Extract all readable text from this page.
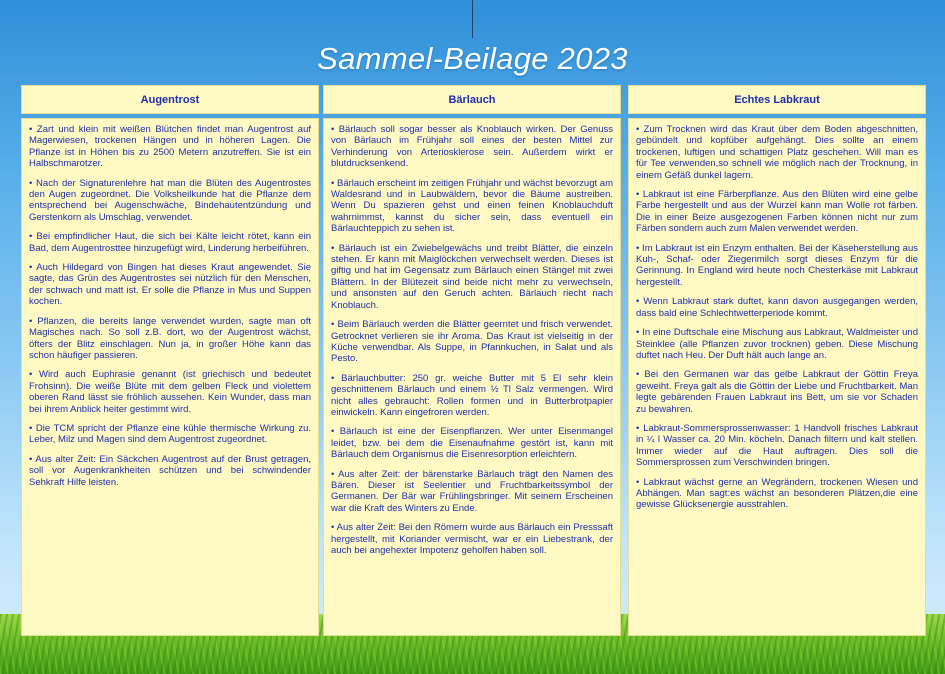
Sammel-Beilage 2023
Augentrost

• Zart und klein mit weißen Blütchen findet man Augentrost auf Magerwiesen, trockenen Hängen und in höheren Lagen. Die Pflanze ist in Höhen bis zu 2500 Metern anzutreffen. Sie ist ein Halbschmarotzer.

• Nach der Signaturenlehre hat man die Blüten des Augentrostes den Augen zugeordnet. Die Volksheilkunde hat die Pflanze dem entsprechend bei Augenschwäche, Bindehautentzündung und Gerstenkorn als Umschlag, verwendet.

• Bei empfindlicher Haut, die sich bei Kälte leicht rötet, kann ein Bad, dem Augentrosttee hinzugefügt wird, Linderung herbeiführen.

• Auch Hildegard von Bingen hat dieses Kraut angewendet. Sie sagte, das Grün des Augentrostes sei nützlich für den Menschen, der schwach und matt ist. Er solle die Pflanze in Mus und Suppen kochen.

• Pflanzen, die bereits lange verwendet wurden, sagte man oft Magisches nach. So soll z.B. dort, wo der Augentrost wächst, öfters der Blitz einschlagen. Nun ja, in großer Höhe kann das schon häufiger passieren.

• Wird auch Euphrasie genannt (ist griechisch und bedeutet Frohsinn). Die weiße Blüte mit dem gelben Fleck und violettem oberen Rand lässt sie fröhlich aussehen. Kein Wunder, dass man bei ihrem Anblick heiter gestimmt wird.

• Die TCM spricht der Pflanze eine kühle thermische Wirkung zu. Leber, Milz und Magen sind dem Augentrost zugeordnet.

• Aus alter Zeit: Ein Säckchen Augentrost auf der Brust getragen, soll vor Augenkrankheiten schützen und bei schwindender Sehkraft Hilfe leisten.

Bärlauch

• Bärlauch soll sogar besser als Knoblauch wirken. Der Genuss von Bärlauch im Frühjahr soll eines der besten Mittel zur Verhinderung von Arteriosklerose sein. Außerdem wirkt er blutdrucksenkend.

• Bärlauch erscheint im zeitigen Frühjahr und wächst bevorzugt am Waldesrand und in Laubwäldern, bevor die Bäume austreiben. Wenn Du spazieren gehst und einen feinen Knoblauchduft wahrnimmst, kannst du sicher sein, dass eventuell ein Bärlauchteppich zu sehen ist.

• Bärlauch ist ein Zwiebelgewächs und treibt Blätter, die einzeln stehen. Er kann mit Maiglöckchen verwechselt werden. Dieses ist giftig und hat im Gegensatz zum Bärlauch einen Stängel mit zwei Blättern. In der Blütezeit sind beide nicht mehr zu verwechseln, und ansonsten auf den Geruch achten. Bärlauch riecht nach Knoblauch.

• Beim Bärlauch werden die Blätter geerntet und frisch verwendet. Getrocknet verlieren sie ihr Aroma. Das Kraut ist vielseitig in der Küche verwendbar. Als Suppe, in Pfannkuchen, in Salat und als Pesto.

• Bärlauchbutter: 250 gr. weiche Butter mit 5 El sehr klein geschnittenem Bärlauch und einem ½ Tl Salz vermengen. Wird nicht alles gebraucht: Rollen formen und in Butterbrotpapier einwickeln. Kann eingefroren werden.

• Bärlauch ist eine der Eisenpflanzen. Wer unter Eisenmangel leidet, bzw. bei dem die Eisenaufnahme gestört ist, kann mit Bärlauch dem Organismus die Eisenresorption erleichtern.

• Aus alter Zeit: der bärenstarke Bärlauch trägt den Namen des Bären. Dieser ist Seelentier und Fruchtbarkeitssymbol der Germanen. Der Bär war Frühlingsbringer. Mit seinem Erscheinen war die Kraft des Winters zu Ende.

• Aus alter Zeit: Bei den Römern wurde aus Bärlauch ein Presssaft hergestellt, mit Koriander vermischt, war er ein Liebestrank, der auch bei angehexter Impotenz geholfen haben soll.

Echtes Labkraut

• Zum Trocknen wird das Kraut über dem Boden abgeschnitten, gebündelt und kopfüber aufgehängt. Dies sollte an einem trockenen, luftigen und schattigen Platz geschehen. Will man es für Tee verwenden,so schnell wie möglich nach der Trocknung, in einem Gefäß dunkel lagern.

• Labkraut ist eine Färberpflanze. Aus den Blüten wird eine gelbe Farbe hergestellt und aus der Wurzel kann man Wolle rot färben. Die in einer Beize ausgezogenen Farben können nicht nur zum Färben sondern auch zum Malen verwendet werden.

• Im Labkraut ist ein Enzym enthalten. Bei der Käseherstellung aus Kuh-, Schaf- oder Ziegenmilch sorgt dieses Enzym für die Gerinnung. In England wird heute noch Chesterkäse mit Labkraut hergestellt.

• Wenn Labkraut stark duftet, kann davon ausgegangen werden, dass bald eine Schlechtwetterperiode kommt.

• In eine Duftschale eine Mischung aus Labkraut, Waldmeister und Steinklee (alle Pflanzen zuvor trocknen) geben. Diese Mischung duftet nach Heu. Der Duft hält auch lange an.

• Bei den Germanen war das gelbe Labkraut der Göttin Freya geweiht. Freya galt als die Göttin der Liebe und Fruchtbarkeit. Man legte gebärenden Frauen Labkraut ins Bett, um sie vor Schaden zu bewahren.

• Labkraut-Sommersprossenwasser: 1 Handvoll frisches Labkraut in ¼ l Wasser ca. 20 Min. köcheln. Danach filtern und kalt stellen. Immer wieder auf die Haut auftragen. Dies soll die Sommersprossen zum Verschwinden bringen.

• Labkraut wächst gerne an Wegrändern, trockenen Wiesen und Abhängen. Man sagt:es wächst an besonderen Plätzen,die eine gewisse Glücksenergie ausstrahlen.
